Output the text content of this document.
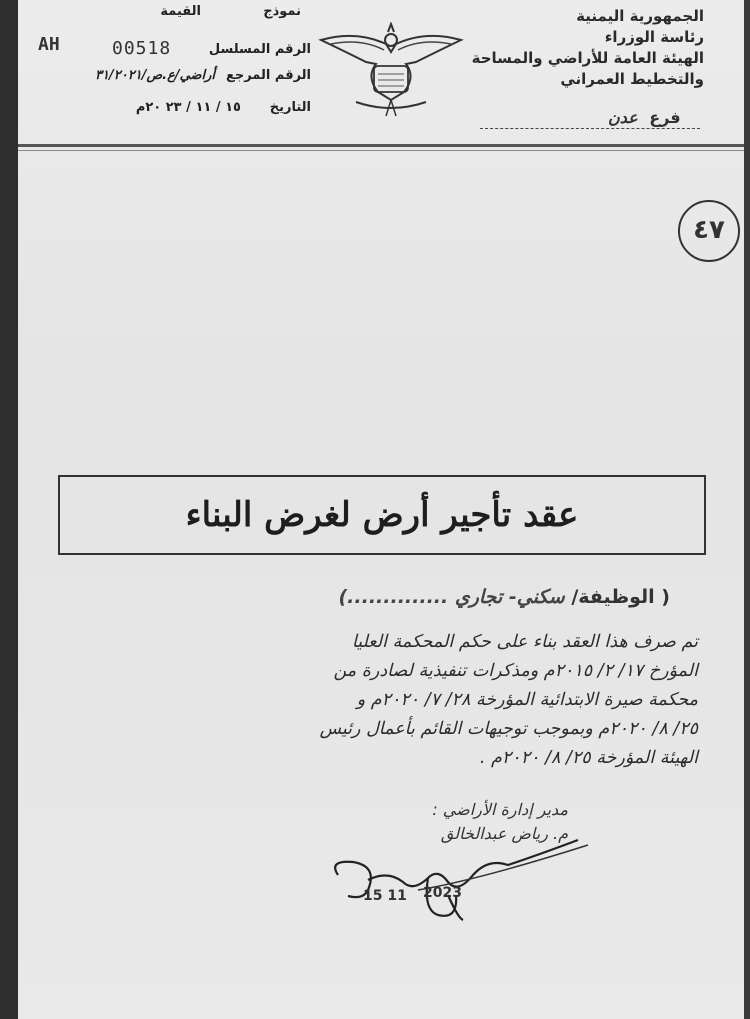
الجمهورية اليمنية
رئاسة الوزراء
الهيئة العامة للأراضي والمساحة
والتخطيط العمراني
فرع عدن
نموذج
القيمة
AH	00518	الرقم المسلسل
الرقم المرجع
أراضي/ع.ص/٣١/٢٠٢١
التاريخ
١٥ / ١١ / ٢٣ ٢٠م
٤٧
عقد تأجير أرض لغرض البناء
( الوظيفة/ سكني- تجاري ..............)
تم صرف هذا العقد بناء على حكم المحكمة العليا
المؤرخ ١٧/ ٢/ ٢٠١٥م ومذكرات تنفيذية لصادرة من
محكمة صيرة الابتدائية المؤرخة ٢٨/ ٧/ ٢٠٢٠م و
٢٥/ ٨/ ٢٠٢٠م وبموجب توجيهات القائم بأعمال رئيس
الهيئة المؤرخة ٢٥/ ٨/ ٢٠٢٠م .
مدير إدارة الأراضي :
م. رياض عبدالخالق
2023
15 11
